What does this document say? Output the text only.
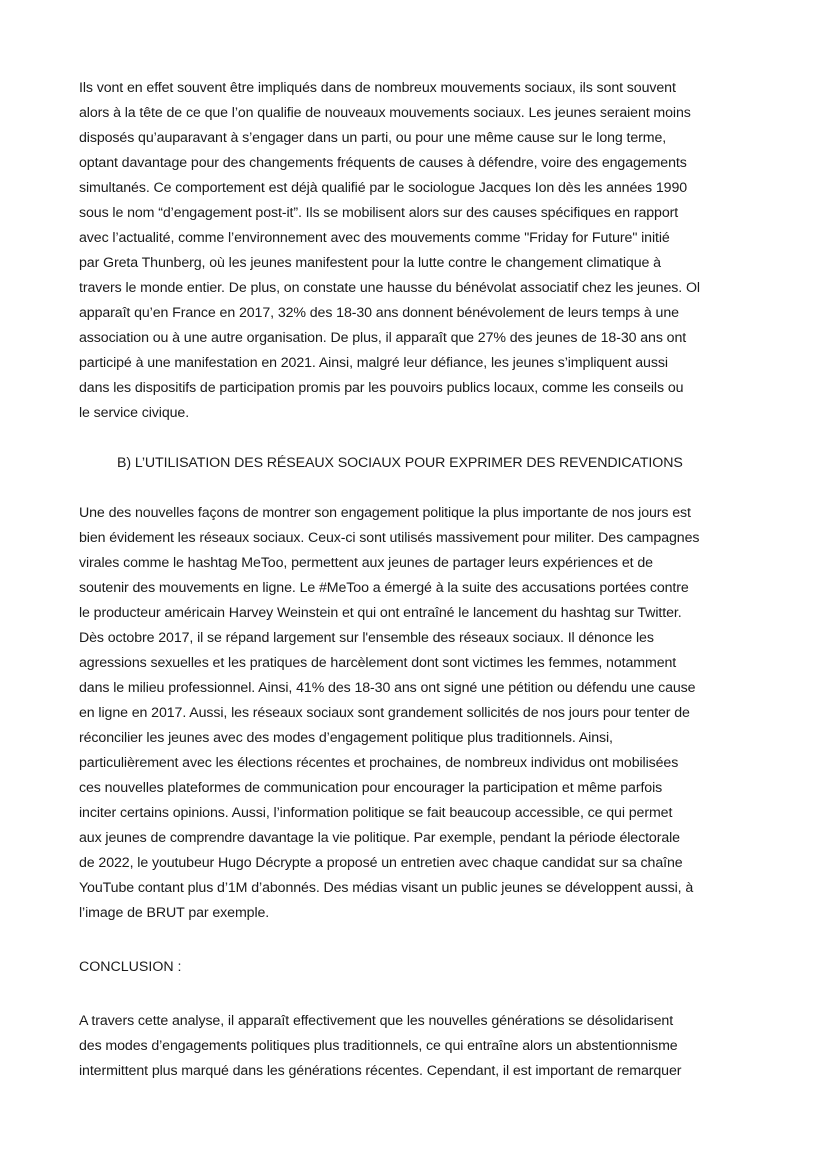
Ils vont en effet souvent être impliqués dans de nombreux mouvements sociaux, ils sont souvent
alors à la tête de ce que l’on qualifie de nouveaux mouvements sociaux. Les jeunes seraient moins
disposés qu’auparavant à s’engager dans un parti, ou pour une même cause sur le long terme,
optant davantage pour des changements fréquents de causes à défendre, voire des engagements
simultanés. Ce comportement est déjà qualifié par le sociologue Jacques Ion dès les années 1990
sous le nom “d’engagement post-it”. Ils se mobilisent alors sur des causes spécifiques en rapport
avec l’actualité, comme l’environnement avec des mouvements comme "Friday for Future" initié
par Greta Thunberg, où les jeunes manifestent pour la lutte contre le changement climatique à
travers le monde entier. De plus, on constate une hausse du bénévolat associatif chez les jeunes. Ol
apparaît qu’en France en 2017, 32% des 18-30 ans donnent bénévolement de leurs temps à une
association ou à une autre organisation. De plus, il apparaît que 27% des jeunes de 18-30 ans ont
participé à une manifestation en 2021. Ainsi, malgré leur défiance, les jeunes s’impliquent aussi
dans les dispositifs de participation promis par les pouvoirs publics locaux, comme les conseils ou
le service civique.
B) L’UTILISATION DES RÉSEAUX SOCIAUX POUR EXPRIMER DES REVENDICATIONS
Une des nouvelles façons de montrer son engagement politique la plus importante de nos jours est
bien évidement les réseaux sociaux. Ceux-ci sont utilisés massivement pour militer. Des campagnes
virales comme le hashtag MeToo, permettent aux jeunes de partager leurs expériences et de
soutenir des mouvements en ligne. Le #MeToo a émergé à la suite des accusations portées contre
le producteur américain Harvey Weinstein et qui ont entraîné le lancement du hashtag sur Twitter.
Dès octobre 2017, il se répand largement sur l'ensemble des réseaux sociaux. Il dénonce les
agressions sexuelles et les pratiques de harcèlement dont sont victimes les femmes, notamment
dans le milieu professionnel. Ainsi, 41% des 18-30 ans ont signé une pétition ou défendu une cause
en ligne en 2017. Aussi, les réseaux sociaux sont grandement sollicités de nos jours pour tenter de
réconcilier les jeunes avec des modes d’engagement politique plus traditionnels. Ainsi,
particulièrement avec les élections récentes et prochaines, de nombreux individus ont mobilisées
ces nouvelles plateformes de communication pour encourager la participation et même parfois
inciter certains opinions. Aussi, l’information politique se fait beaucoup accessible, ce qui permet
aux jeunes de comprendre davantage la vie politique. Par exemple, pendant la période électorale
de 2022, le youtubeur Hugo Décrypte a proposé un entretien avec chaque candidat sur sa chaîne
YouTube contant plus d’1M d’abonnés. Des médias visant un public jeunes se développent aussi, à
l’image de BRUT par exemple.
CONCLUSION :
A travers cette analyse, il apparaît effectivement que les nouvelles générations se désolidarisent
des modes d’engagements politiques plus traditionnels, ce qui entraîne alors un abstentionnisme
intermittent plus marqué dans les générations récentes. Cependant, il est important de remarquer
